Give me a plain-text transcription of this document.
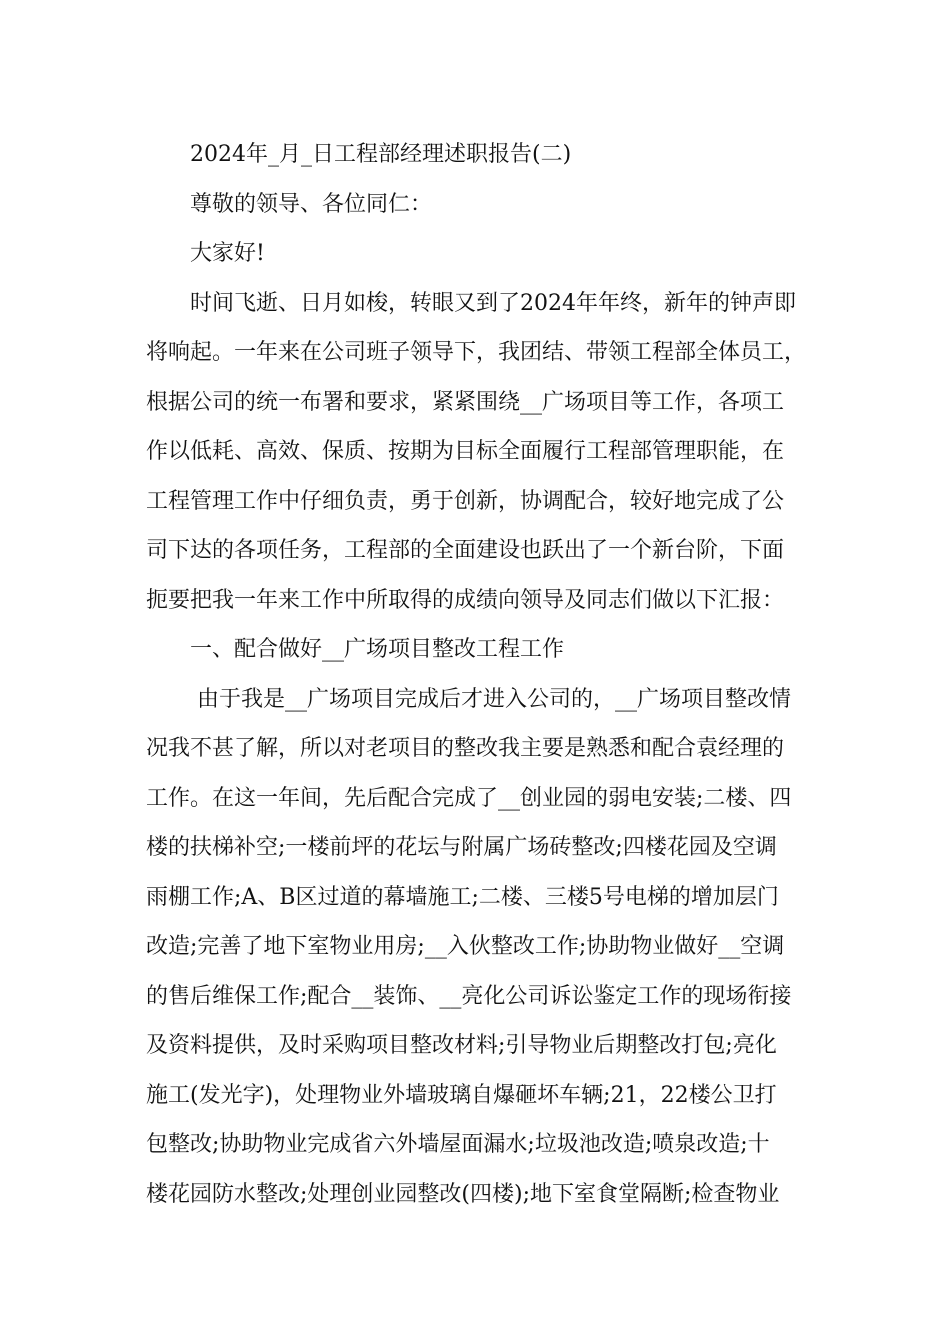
2024年_月_日工程部经理述职报告(二)

尊敬的领导、各位同仁：

大家好!

时间飞逝、日月如梭，转眼又到了2024年年终，新年的钟声即
将响起。一年来在公司班子领导下，我团结、带领工程部全体员工，
根据公司的统一布署和要求，紧紧围绕__广场项目等工作，各项工
作以低耗、高效、保质、按期为目标全面履行工程部管理职能，在
工程管理工作中仔细负责，勇于创新，协调配合，较好地完成了公
司下达的各项任务，工程部的全面建设也跃出了一个新台阶，下面
扼要把我一年来工作中所取得的成绩向领导及同志们做以下汇报：

一、配合做好__广场项目整改工程工作

由于我是__广场项目完成后才进入公司的，__广场项目整改情
况我不甚了解，所以对老项目的整改我主要是熟悉和配合袁经理的
工作。在这一年间，先后配合完成了__创业园的弱电安装;二楼、四
楼的扶梯补空;一楼前坪的花坛与附属广场砖整改;四楼花园及空调
雨棚工作;A、B区过道的幕墙施工;二楼、三楼5号电梯的增加层门
改造;完善了地下室物业用房;__入伙整改工作;协助物业做好__空调
的售后维保工作;配合__装饰、__亮化公司诉讼鉴定工作的现场衔接
及资料提供，及时采购项目整改材料;引导物业后期整改打包;亮化
施工(发光字)，处理物业外墙玻璃自爆砸坏车辆;21，22楼公卫打
包整改;协助物业完成省六外墙屋面漏水;垃圾池改造;喷泉改造;十
楼花园防水整改;处理创业园整改(四楼);地下室食堂隔断;检查物业
